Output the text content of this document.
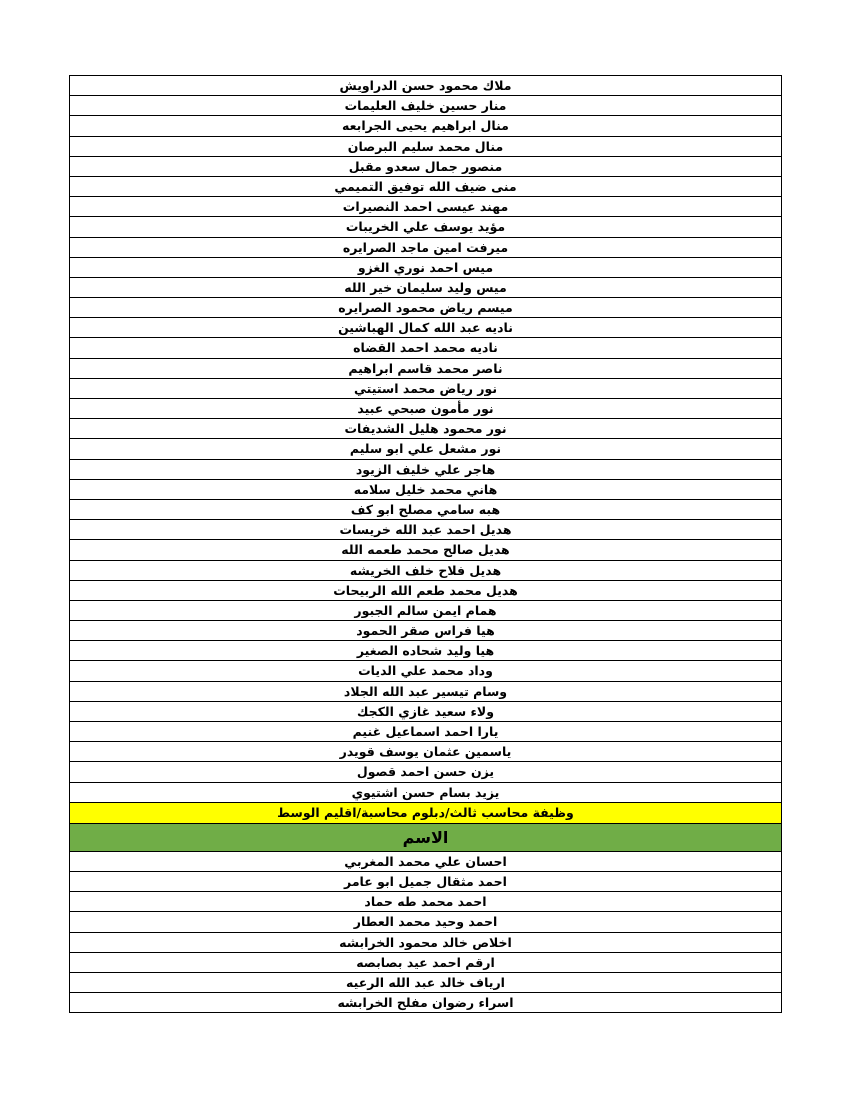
ملاك محمود حسن الدراويش
منار حسين خليف العليمات
منال ابراهيم يحيى الجرابعه
منال محمد سليم البرصان
منصور جمال سعدو مقبل
منى ضيف الله توفيق التميمي
مهند عيسى احمد النصيرات
مؤيد يوسف علي الخريبات
ميرفت امين ماجد الصرايره
ميس احمد نوري الغزو
ميس وليد سليمان خير الله
ميسم رياض محمود الصرايره
ناديه عبد الله كمال الهباشين
ناديه محمد احمد القضاه
ناصر محمد قاسم ابراهيم
نور رياض محمد استيتي
نور مأمون صبحي عبيد
نور محمود هليل الشديفات
نور مشعل علي ابو سليم
هاجر علي خليف الزيود
هاني محمد خليل سلامه
هبه سامي مصلح ابو كف
هديل احمد عبد الله خريسات
هديل صالح محمد طعمه الله
هديل فلاح خلف الخريشه
هديل محمد طعم الله الربيحات
همام ايمن سالم الجبور
هيا فراس صقر الحمود
هيا وليد شحاده الصغير
وداد محمد علي الديات
وسام تيسير عبد الله الجلاد
ولاء سعيد غازي الكجك
يارا احمد اسماعيل غنيم
ياسمين عثمان يوسف قويدر
يزن حسن احمد قصول
يزيد بسام حسن اشتيوي
وظيفة محاسب ثالث/دبلوم محاسبة/اقليم الوسط
الاسم
احسان علي محمد المغربي
احمد مثقال جميل ابو عامر
احمد محمد طه حماد
احمد وحيد محمد العطار
اخلاص خالد محمود الخرابشه
ارقم احمد عيد بصابصه
ارياف خالد عبد الله الرعيه
اسراء رضوان مفلح الخرابشه
